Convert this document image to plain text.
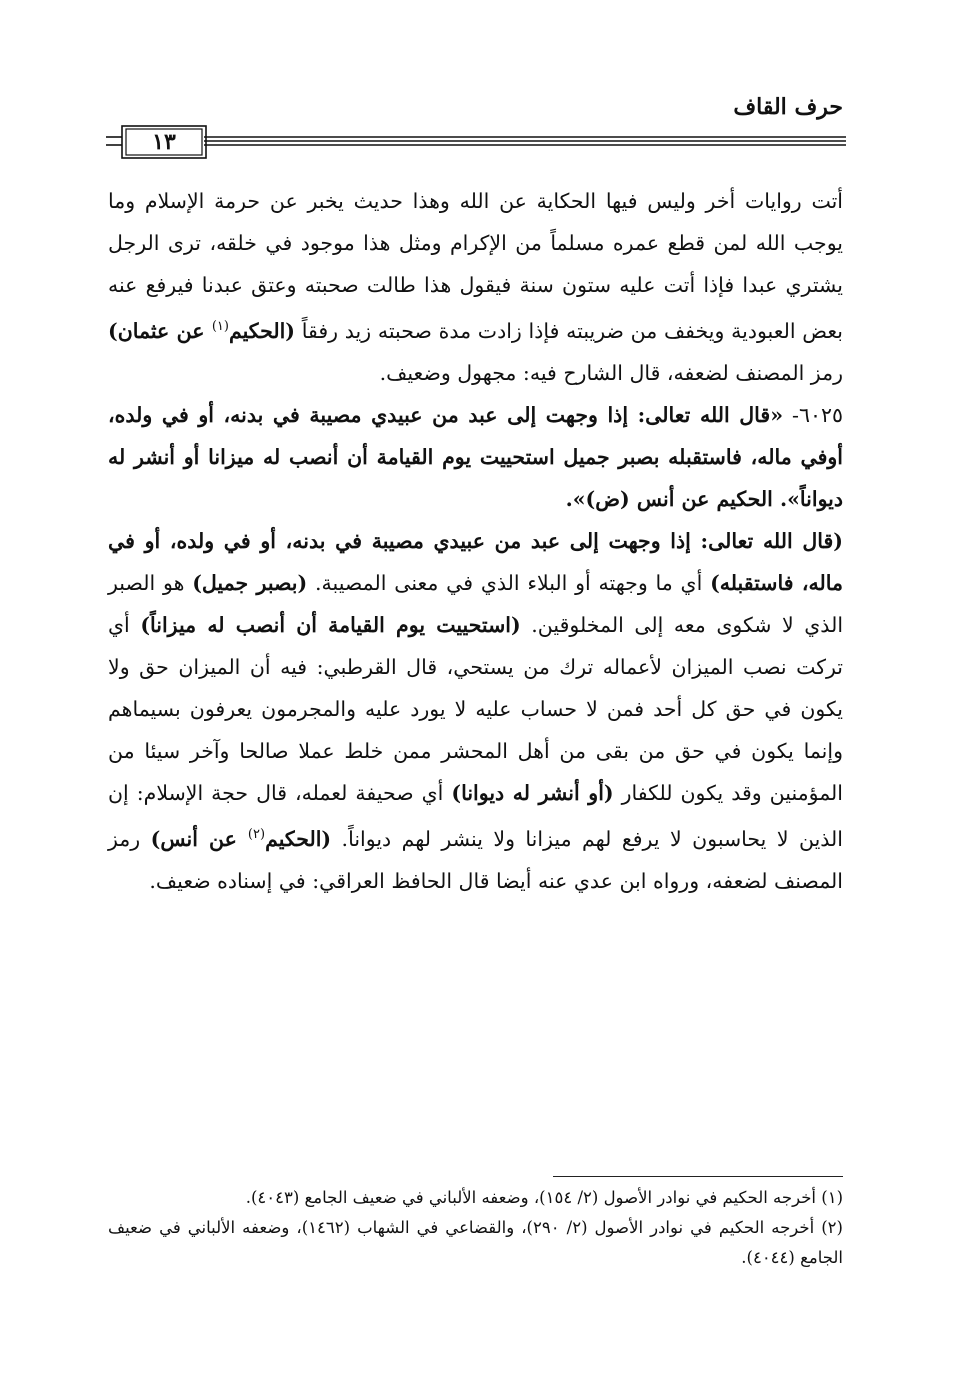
حرف القاف
١٣

أتت روايات أخر وليس فيها الحكاية عن الله وهذا حديث يخبر عن حرمة الإسلام وما يوجب الله لمن قطع عمره مسلماً من الإكرام ومثل هذا موجود في خلقه، ترى الرجل يشتري عبدا فإذا أتت عليه ستون سنة فيقول هذا طالت صحبته وعتق عبدنا فيرفع عنه بعض العبودية ويخفف من ضريبته فإذا زادت مدة صحبته زيد رفقاً (الحكيم$^{(١)}$ عن عثمان) رمز المصنف لضعفه، قال الشارح فيه: مجهول وضعيف.

٦٠٢٥- «قال الله تعالى: إذا وجهت إلى عبد من عبيدي مصيبة في بدنه، أو في ولده، أوفي ماله، فاستقبله بصبر جميل استحييت يوم القيامة أن أنصب له ميزانا أو أنشر له ديواناً». الحكيم عن أنس (ض)».

(قال الله تعالى: إذا وجهت إلى عبد من عبيدي مصيبة في بدنه، أو في ولده، أو في ماله، فاستقبله) أي ما وجهته أو البلاء الذي في معنى المصيبة. (بصبر جميل) هو الصبر الذي لا شكوى معه إلى المخلوقين. (استحييت يوم القيامة أن أنصب له ميزاناً) أي تركت نصب الميزان لأعماله ترك من يستحي، قال القرطبي: فيه أن الميزان حق ولا يكون في حق كل أحد فمن لا حساب عليه لا يورد عليه والمجرمون يعرفون بسيماهم وإنما يكون في حق من بقى من أهل المحشر ممن خلط عملا صالحا وآخر سيئا من المؤمنين وقد يكون للكفار (أو أنشر له ديوانا) أي صحيفة لعمله، قال حجة الإسلام: إن الذين لا يحاسبون لا يرفع لهم ميزانا ولا ينشر لهم ديواناً. (الحكيم$^{(٢)}$ عن أنس) رمز المصنف لضعفه، ورواه ابن عدي عنه أيضا قال الحافظ العراقي: في إسناده ضعيف.

(١) أخرجه الحكيم في نوادر الأصول (٢/ ١٥٤)، وضعفه الألباني في ضعيف الجامع (٤٠٤٣).

(٢) أخرجه الحكيم في نوادر الأصول (٢/ ٢٩٠)، والقضاعي في الشهاب (١٤٦٢)، وضعفه الألباني في ضعيف الجامع (٤٠٤٤).
